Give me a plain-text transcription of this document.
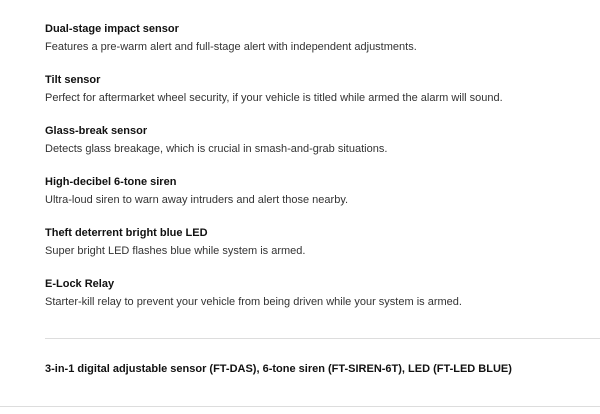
Dual-stage impact sensor
Features a pre-warm alert and full-stage alert with independent adjustments.
Tilt sensor
Perfect for aftermarket wheel security, if your vehicle is titled while armed the alarm will sound.
Glass-break sensor
Detects glass breakage, which is crucial in smash-and-grab situations.
High-decibel 6-tone siren
Ultra-loud siren to warn away intruders and alert those nearby.
Theft deterrent bright blue LED
Super bright LED flashes blue while system is armed.
E-Lock Relay
Starter-kill relay to prevent your vehicle from being driven while your system is armed.
3-in-1 digital adjustable sensor (FT-DAS), 6-tone siren (FT-SIREN-6T), LED (FT-LED BLUE)
